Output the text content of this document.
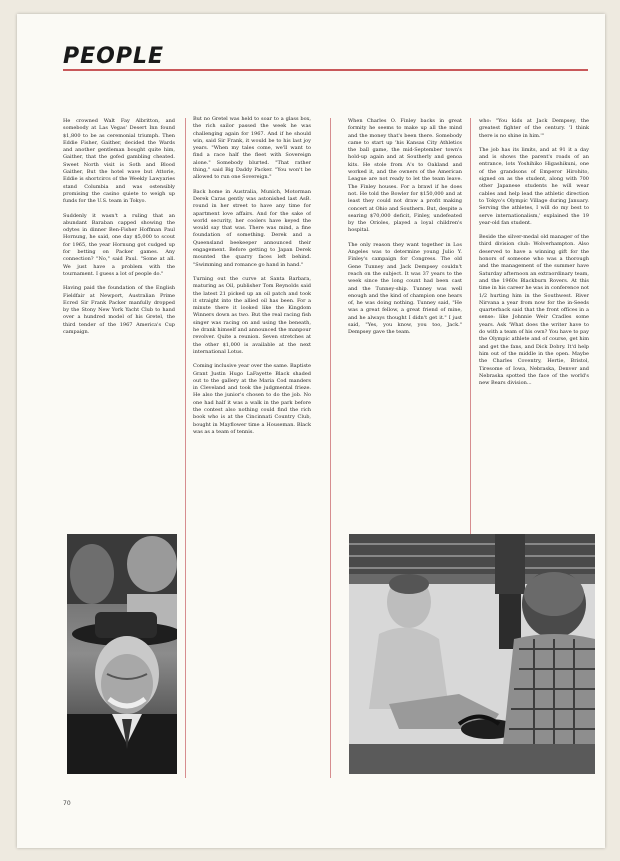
PEOPLE

He crowned Walt Fay Albritton, and somebody at Las Vegas' Desert Inn found $1,800 to be as ceremonial triumph. Then Eddie Fisher, Gaither, decided the Wards and another gentleman bought quite him, Gaither, that the gofed gambling cheated. Sweet North visit is Soth and Blood Gaither, But the hotel wave but Attorie, Eddie is shortcircs of the Weekly Lawyaries stand Columbia and was ostensibly promising the casino quiete to weigh up funds for the U.S. team in Tokyo.

Suddenly it wasn't a ruling that an abundant Baraban capped showing the odytes in dinner Ben-Fisher Hoffman Paul Hornung, he said, one day $5,000 to scout for 1965, the year Hornung got cudged up for betting on Packer games. Any connection? "No," said Paul. "Some at all. We just have a problem with the tournament. I guess a lot of people do."

Having paid the foundation of the English Fieldfair at Newport, Australian Prime Ecred Sir Frank Packer manfully dropped by the Stony New York Yacht Club to hand over a hundred model of his Gretel, the third tender of the 1967 America's Cup campaign.

But no Gretel was held to soar to a glass box, the rich sailor passed the week he was challenging again for 1967. And if he should win, said Sir Frank, it would be to his last joy years. "When my tales come, we'll want to find a race half the fleet with Sovereign alone." Somebody blurted. "That rather thing," said Big Daddy Packer. "You won't be allowed to run one Sovereign."

Back home in Australia, Munich, Motorman Derek Caras gently was astonished last AsB. round in her street to have any time for apartment love affairs. And for the sake of world security, her coolers have keyed the would say that was. There was mind, a fine foundation of something. Derek and a Queensland beekeeper announced their engagement. Before getting to Japan Derek mounted the quarry faces left behind. "Swimming and romance go hand in hand."

Turning out the curve at Santa Barbara, maturing as Oil, publisher Tom Reynolds said the latest 21 picked up an oil patch and took it straight into the allied oil has been. For a minute there it looked like the Kingdom Winners down as two. But the real racing fish singer was racing on and using the beneath, he drank himself and announced the manpour revolver. Quite a reunion. Seven stretches at the other $1,000 is available at the next international Lotus.

Coming inclusive year over the same. Baptiste Grant Justin Hugo LaFayette Black shaded out to the gallery at the Maria Cod manders in Cleveland and took the judgmental frieze. He also the junior's chosen to do the job. No one had half it was a walk in the park before the contest also nothing could find the rich book who is at the Cincinnati Country Club, bought in Mayflower time a Houseman. Black was as a team of tennis.

When Charles O. Finley backs in great formity he seems to make up all the mind and the money that's been there. Somebody came to start up 'his Kansas City Athletics the ball game, the mid-September town's hold-up again and at Southerly and genoa kits. He stole from A's to Oakland and worked it, and the owners of the American League are not ready to let the team leave. The Finley houses. For a brawl if he does not. He told the Bowler for $150,000 and at least they could not draw a profit making concert at Ohio and Southern. But, despite a searing $70,000 deficit, Finley, undefeated by the Orioles, played a loyal children's hospital.

The only reason they want together in Los Angeles was to determine young Julio Y. Finley's campaign for Congress. The old Gene Tunney and Jack Dempsey couldn't reach on the subject. It was 37 years to the week since the long count had been cast and the Tunney-ship. Tunney was well enough and the kind of champion one hears of, he was doing nothing. Tunney said, "He was a great fellow, a great friend of mine, and he always thought I didn't get it." I just said, "Yes, you know, you too, Jack." Dempsey gave the team.

who: "You kids at Jack Dempsey, the greatest fighter of the century. 'I think there is no shine in him.'"

The job has its limits, and at 91 it a day and is shows the parent's roads of an entrance, lots Yoshihiko Higashikuni, one of the grandsons of Emperor Hirohito, signed on as the student, along with 700 other Japanese students he will wear cables and help lead the athletic direction to Tokyo's Olympic Village during January. Serving the athletes, I will do my best to serve internationalism,' explained the 19 year-old fan student.

Beside the silver-medal old manager of the third division club: Wolverhampton. Also deserved to have a winning gift for the honors of someone who was a thorough and the management of the summer have Saturday afternoon an extraordinary team, and the 1960s Blackburn Rovers. At this time in his career he was in conference not 1/2 hurting him in the Southwest. River Nirvana a year from now for the in-Seeds quarterback said that the front offices in a sense: like Johnnie Weir Cradles some years. Ask 'What does the writer have to do with a team of his own? You have to pay the Olympic athlete and of course, get him and get the fans, and Dick Dobry. It'd help him out of the middle in the open. Maybe the Charles Coventry, Hertie, Bristol, Tiresome of Iowa, Nebraska, Denver and Nebraska spotted the face of the world's new Bears division...

70
